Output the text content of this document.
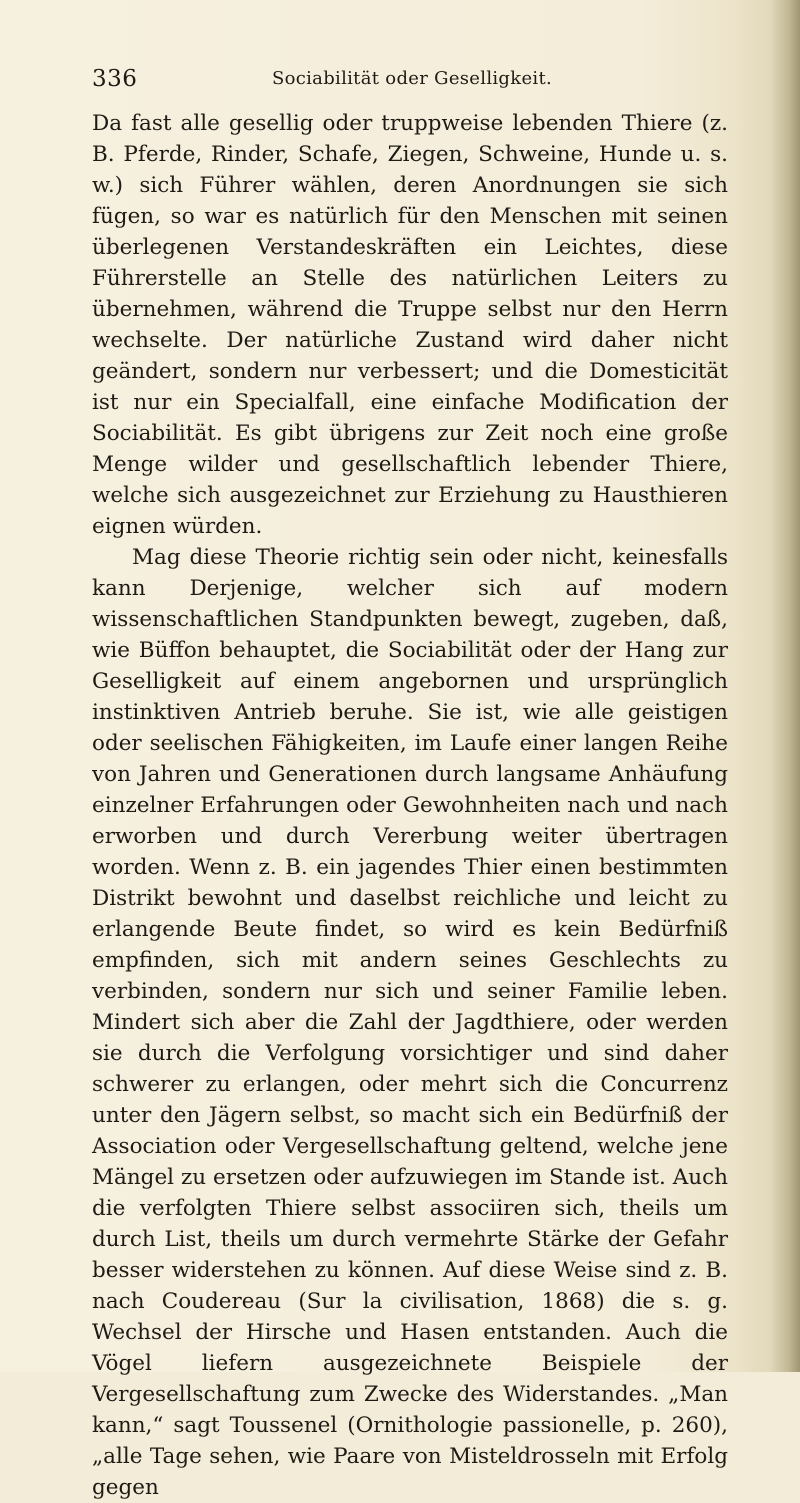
336	Sociabilität oder Geselligkeit.

Da fast alle gesellig oder truppweise lebenden Thiere (z. B. Pferde, Rinder, Schafe, Ziegen, Schweine, Hunde u. s. w.) sich Führer wählen, deren Anordnungen sie sich fügen, so war es natürlich für den Menschen mit seinen überlegenen Verstandeskräften ein Leichtes, diese Führerstelle an Stelle des natürlichen Leiters zu übernehmen, während die Truppe selbst nur den Herrn wechselte. Der natürliche Zustand wird daher nicht geändert, sondern nur verbessert; und die Domesticität ist nur ein Specialfall, eine einfache Modification der Sociabilität. Es gibt übrigens zur Zeit noch eine große Menge wilder und gesellschaftlich lebender Thiere, welche sich ausgezeichnet zur Erziehung zu Hausthieren eignen würden.

Mag diese Theorie richtig sein oder nicht, keinesfalls kann Derjenige, welcher sich auf modern wissenschaftlichen Standpunkten bewegt, zugeben, daß, wie Büffon behauptet, die Sociabilität oder der Hang zur Geselligkeit auf einem angebornen und ursprünglich instinktiven Antrieb beruhe. Sie ist, wie alle geistigen oder seelischen Fähigkeiten, im Laufe einer langen Reihe von Jahren und Generationen durch langsame Anhäufung einzelner Erfahrungen oder Gewohnheiten nach und nach erworben und durch Vererbung weiter übertragen worden. Wenn z. B. ein jagendes Thier einen bestimmten Distrikt bewohnt und daselbst reichliche und leicht zu erlangende Beute findet, so wird es kein Bedürfniß empfinden, sich mit andern seines Geschlechts zu verbinden, sondern nur sich und seiner Familie leben. Mindert sich aber die Zahl der Jagdthiere, oder werden sie durch die Verfolgung vorsichtiger und sind daher schwerer zu erlangen, oder mehrt sich die Concurrenz unter den Jägern selbst, so macht sich ein Bedürfniß der Association oder Vergesellschaftung geltend, welche jene Mängel zu ersetzen oder aufzuwiegen im Stande ist. Auch die verfolgten Thiere selbst associiren sich, theils um durch List, theils um durch vermehrte Stärke der Gefahr besser widerstehen zu können. Auf diese Weise sind z. B. nach Coudereau (Sur la civilisation, 1868) die s. g. Wechsel der Hirsche und Hasen entstanden. Auch die Vögel liefern ausgezeichnete Beispiele der Vergesellschaftung zum Zwecke des Widerstandes. „Man kann,“ sagt Toussenel (Ornithologie passionelle, p. 260), „alle Tage sehen, wie Paare von Misteldrosseln mit Erfolg gegen
